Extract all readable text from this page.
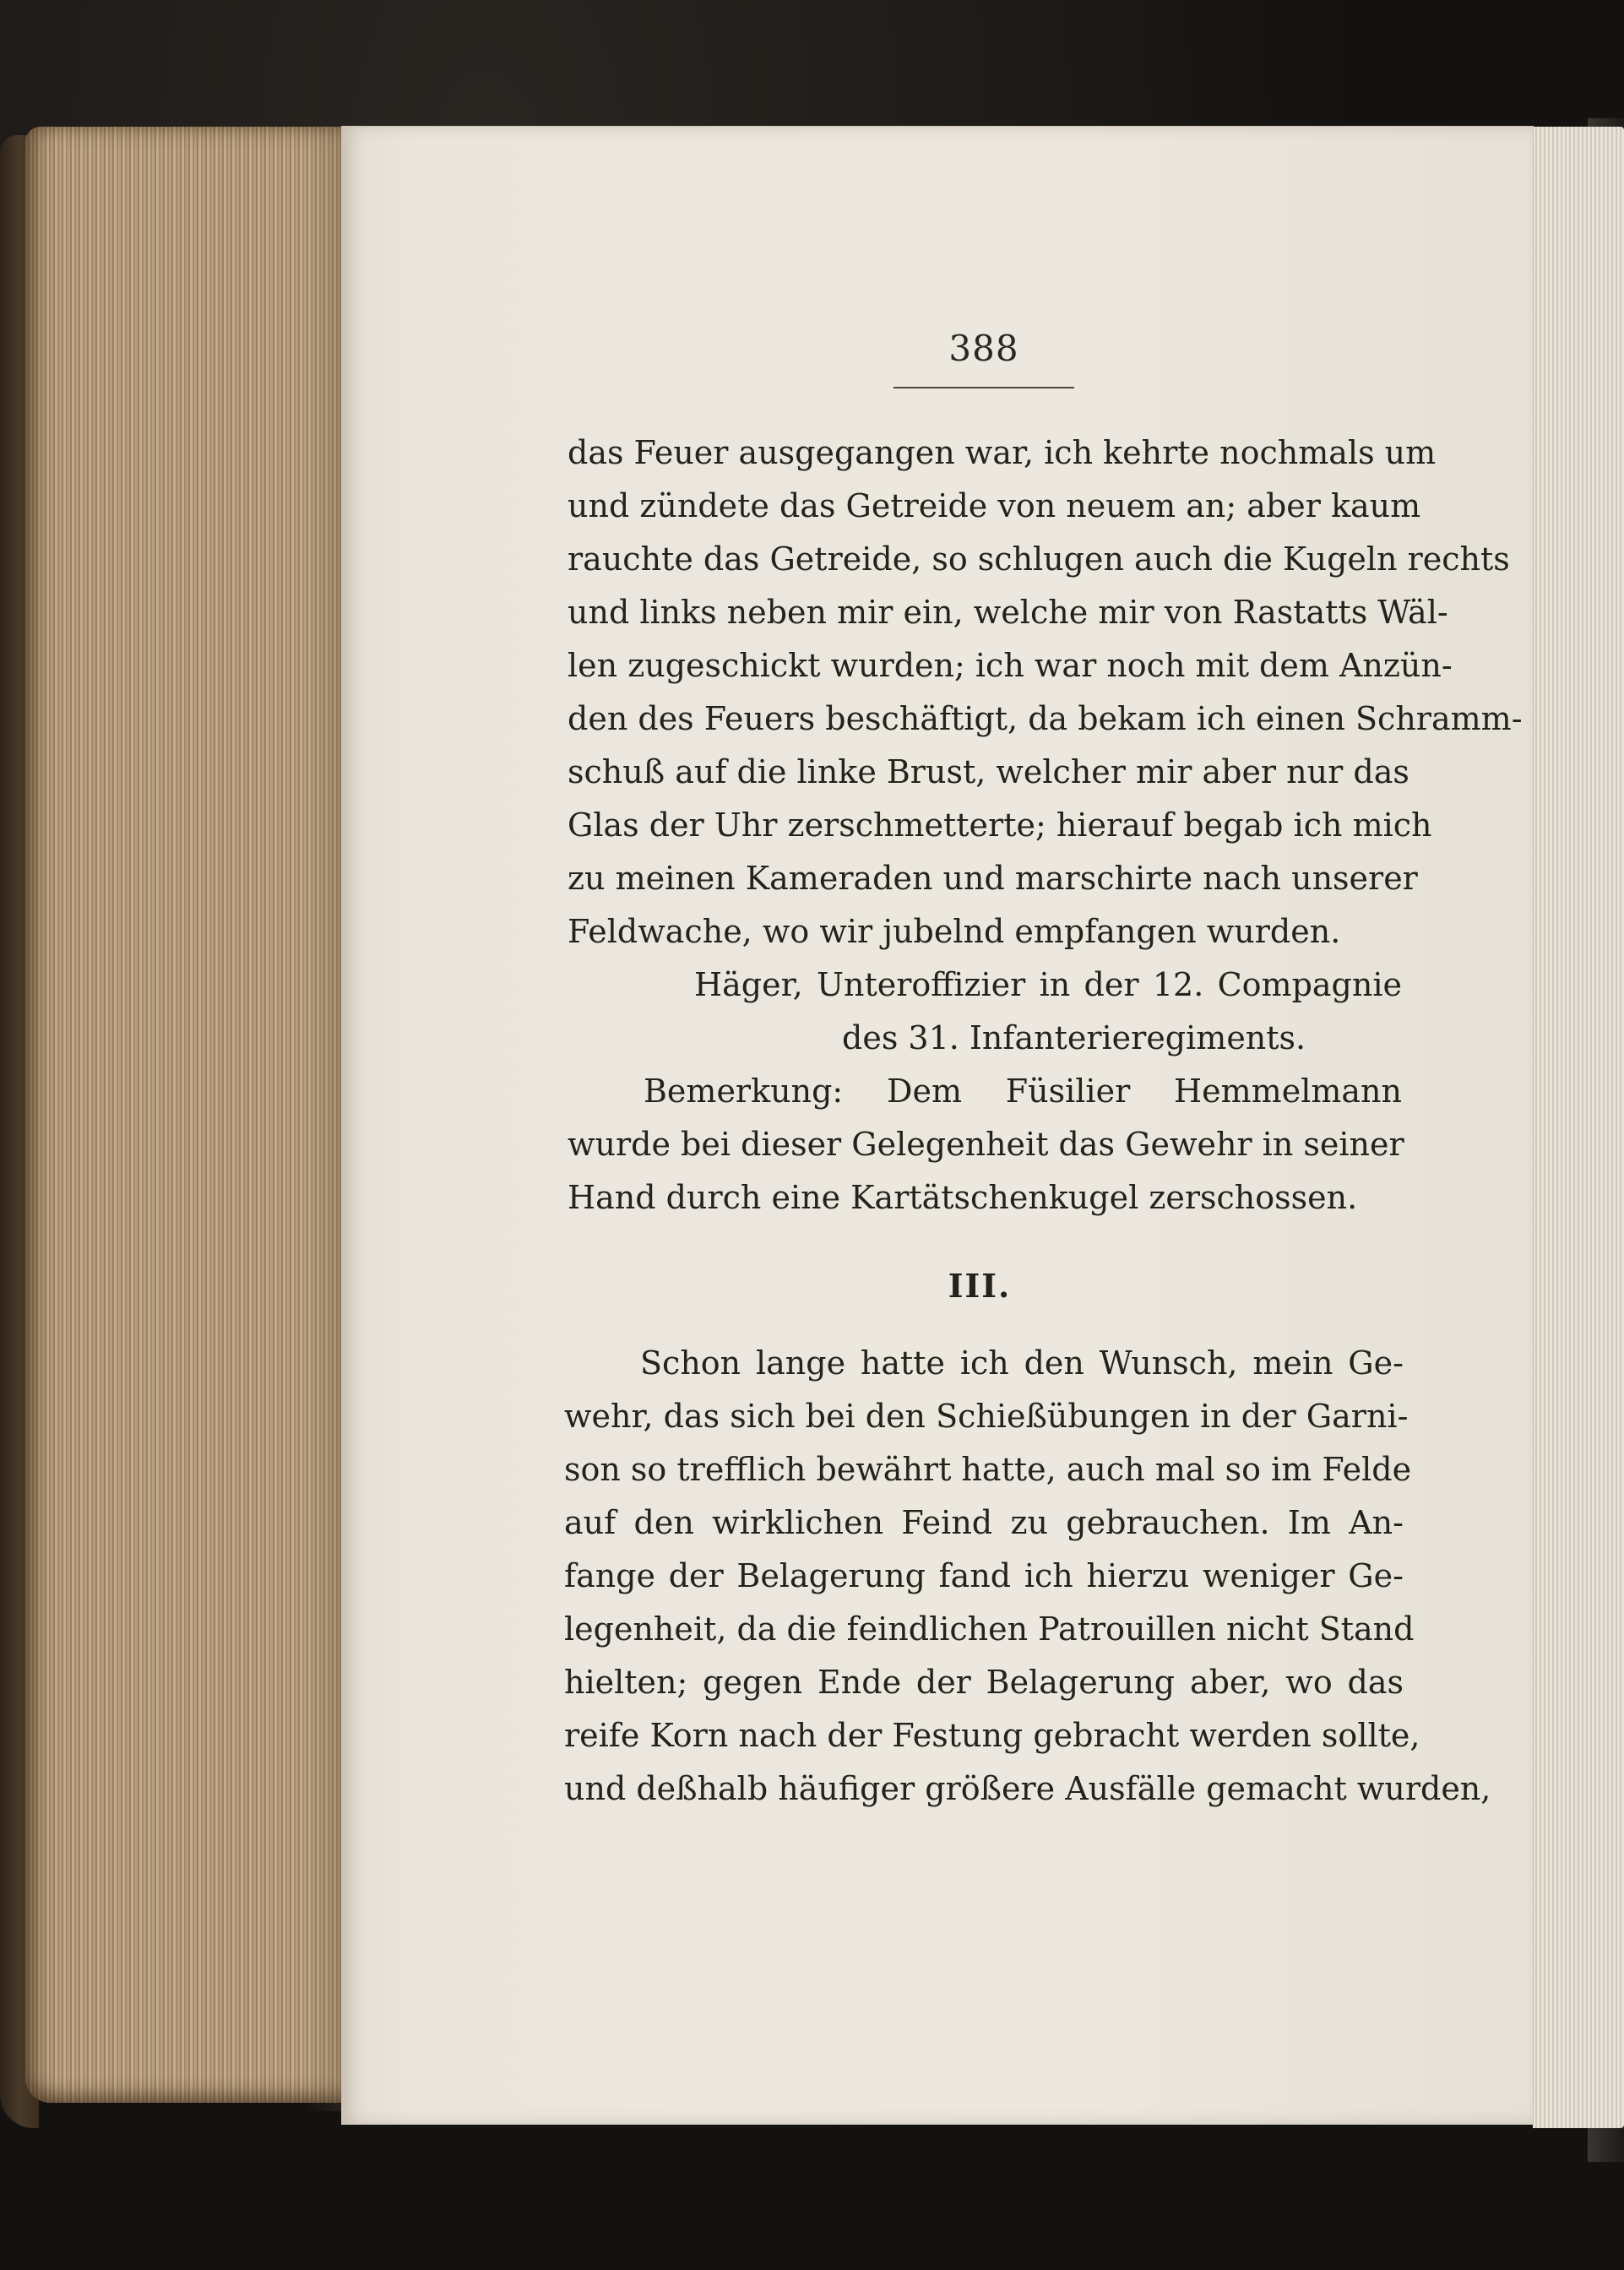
388
das Feuer ausgegangen war, ich kehrte nochmals um
und zündete das Getreide von neuem an; aber kaum
rauchte das Getreide, so schlugen auch die Kugeln rechts
und links neben mir ein, welche mir von Rastatts Wäl-
len zugeschickt wurden; ich war noch mit dem Anzün-
den des Feuers beschäftigt, da bekam ich einen Schramm-
schuß auf die linke Brust, welcher mir aber nur das
Glas der Uhr zerschmetterte; hierauf begab ich mich
zu meinen Kameraden und marschirte nach unserer
Feldwache, wo wir jubelnd empfangen wurden.
Häger, Unteroffizier in der 12. Compagnie
des 31. Infanterieregiments.
Bemerkung: Dem Füsilier Hemmelmann
wurde bei dieser Gelegenheit das Gewehr in seiner
Hand durch eine Kartätschenkugel zerschossen.
III.
Schon lange hatte ich den Wunsch, mein Ge-
wehr, das sich bei den Schießübungen in der Garni-
son so trefflich bewährt hatte, auch mal so im Felde
auf den wirklichen Feind zu gebrauchen. Im An-
fange der Belagerung fand ich hierzu weniger Ge-
legenheit, da die feindlichen Patrouillen nicht Stand
hielten; gegen Ende der Belagerung aber, wo das
reife Korn nach der Festung gebracht werden sollte,
und deßhalb häufiger größere Ausfälle gemacht wurden,
